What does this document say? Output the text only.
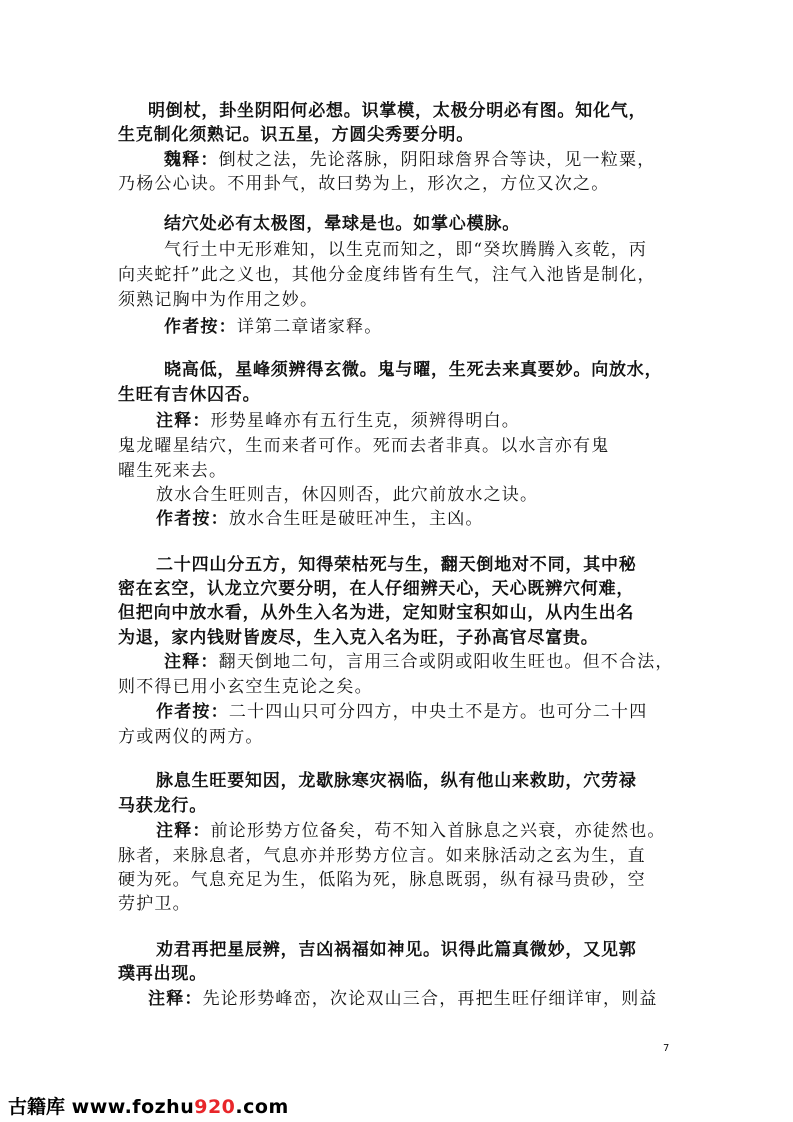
明倒杖，卦坐阴阳何必想。识掌模，太极分明必有图。知化气，
生克制化须熟记。识五星，方圆尖秀要分明。
魏释：倒杖之法，先论落脉，阴阳球詹界合等诀，见一粒粟，
乃杨公心诀。不用卦气，故曰势为上，形次之，方位又次之。
结穴处必有太极图，晕球是也。如掌心模脉。
气行土中无形难知，以生克而知之，即“癸坎腾腾入亥乾，丙
向夹蛇扦”此之义也，其他分金度纬皆有生气，注气入池皆是制化，
须熟记胸中为作用之妙。
作者按：详第二章诸家释。
晓高低，星峰须辨得玄微。鬼与曜，生死去来真要妙。向放水，
生旺有吉休囚否。
注释：形势星峰亦有五行生克，须辨得明白。
鬼龙曜星结穴，生而来者可作。死而去者非真。以水言亦有鬼
曜生死来去。
放水合生旺则吉，休囚则否，此穴前放水之诀。
作者按：放水合生旺是破旺冲生，主凶。
二十四山分五方，知得荣枯死与生，翻天倒地对不同，其中秘
密在玄空，认龙立穴要分明，在人仔细辨天心，天心既辨穴何难，
但把向中放水看，从外生入名为进，定知财宝积如山，从内生出名
为退，家内钱财皆废尽，生入克入名为旺，子孙高官尽富贵。
注释：翻天倒地二句，言用三合或阴或阳收生旺也。但不合法，
则不得已用小玄空生克论之矣。
作者按：二十四山只可分四方，中央土不是方。也可分二十四
方或两仪的两方。
脉息生旺要知因，龙歇脉寒灾祸临，纵有他山来救助，穴劳禄
马获龙行。
注释：前论形势方位备矣，苟不知入首脉息之兴衰，亦徒然也。
脉者，来脉息者，气息亦并形势方位言。如来脉活动之玄为生，直
硬为死。气息充足为生，低陷为死，脉息既弱，纵有禄马贵砂，空
劳护卫。
劝君再把星辰辨，吉凶祸福如神见。识得此篇真微妙，又见郭
璞再出现。
注释：先论形势峰峦，次论双山三合，再把生旺仔细详审，则益
7
古籍库 www.fozhu920.com
